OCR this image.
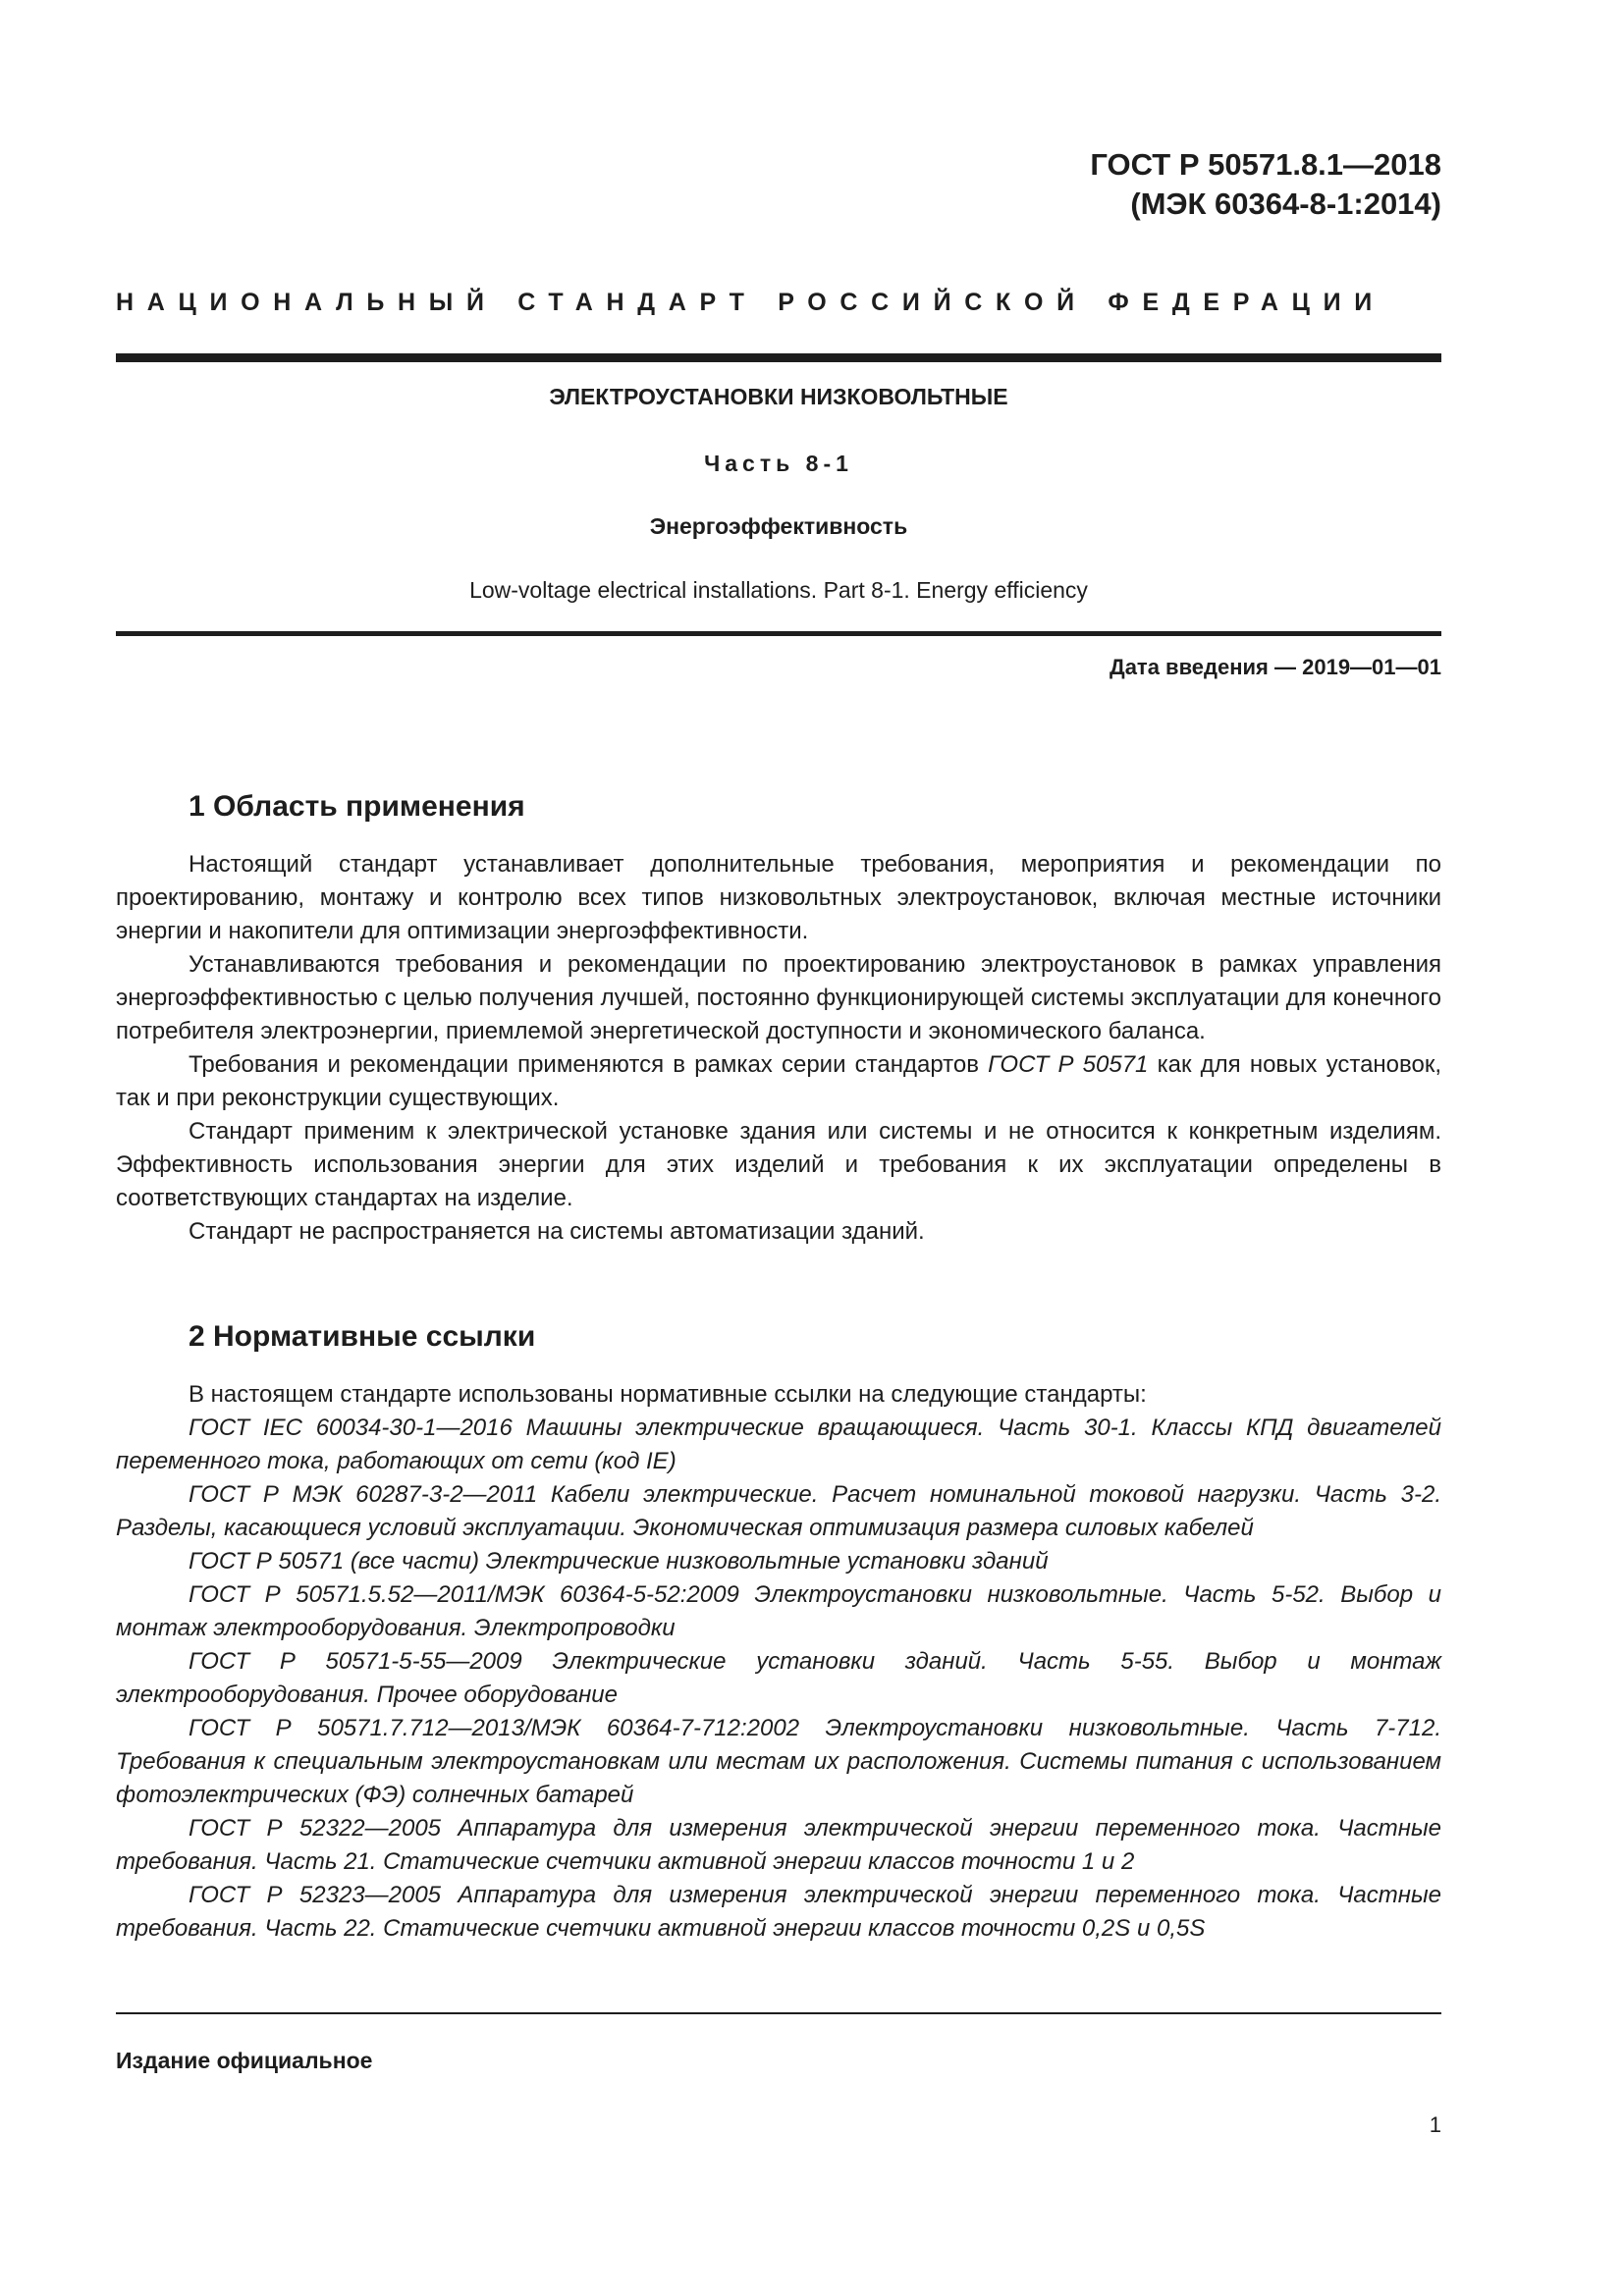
ГОСТ Р 50571.8.1—2018
(МЭК 60364-8-1:2014)
НАЦИОНАЛЬНЫЙ СТАНДАРТ РОССИЙСКОЙ ФЕДЕРАЦИИ
ЭЛЕКТРОУСТАНОВКИ НИЗКОВОЛЬТНЫЕ
Часть 8-1
Энергоэффективность
Low-voltage electrical installations. Part 8-1. Energy efficiency
Дата введения — 2019—01—01
1 Область применения

Настоящий стандарт устанавливает дополнительные требования, мероприятия и рекомендации по проектированию, монтажу и контролю всех типов низковольтных электроустановок, включая местные источники энергии и накопители для оптимизации энергоэффективности.

Устанавливаются требования и рекомендации по проектированию электроустановок в рамках управления энергоэффективностью с целью получения лучшей, постоянно функционирующей системы эксплуатации для конечного потребителя электроэнергии, приемлемой энергетической доступности и экономического баланса.

Требования и рекомендации применяются в рамках серии стандартов ГОСТ Р 50571 как для новых установок, так и при реконструкции существующих.

Стандарт применим к электрической установке здания или системы и не относится к конкретным изделиям. Эффективность использования энергии для этих изделий и требования к их эксплуатации определены в соответствующих стандартах на изделие.

Стандарт не распространяется на системы автоматизации зданий.

2 Нормативные ссылки

В настоящем стандарте использованы нормативные ссылки на следующие стандарты:

ГОСТ IEC 60034-30-1—2016 Машины электрические вращающиеся. Часть 30-1. Классы КПД двигателей переменного тока, работающих от сети (код IE)

ГОСТ Р МЭК 60287-3-2—2011 Кабели электрические. Расчет номинальной токовой нагрузки. Часть 3-2. Разделы, касающиеся условий эксплуатации. Экономическая оптимизация размера силовых кабелей

ГОСТ Р 50571 (все части) Электрические низковольтные установки зданий

ГОСТ Р 50571.5.52—2011/МЭК 60364-5-52:2009 Электроустановки низковольтные. Часть 5-52. Выбор и монтаж электрооборудования. Электропроводки

ГОСТ Р 50571-5-55—2009 Электрические установки зданий. Часть 5-55. Выбор и монтаж электрооборудования. Прочее оборудование

ГОСТ Р 50571.7.712—2013/МЭК 60364-7-712:2002 Электроустановки низковольтные. Часть 7-712. Требования к специальным электроустановкам или местам их расположения. Системы питания с использованием фотоэлектрических (ФЭ) солнечных батарей

ГОСТ Р 52322—2005 Аппаратура для измерения электрической энергии переменного тока. Частные требования. Часть 21. Статические счетчики активной энергии классов точности 1 и 2

ГОСТ Р 52323—2005 Аппаратура для измерения электрической энергии переменного тока. Частные требования. Часть 22. Статические счетчики активной энергии классов точности 0,2S и 0,5S

Издание официальное
1
